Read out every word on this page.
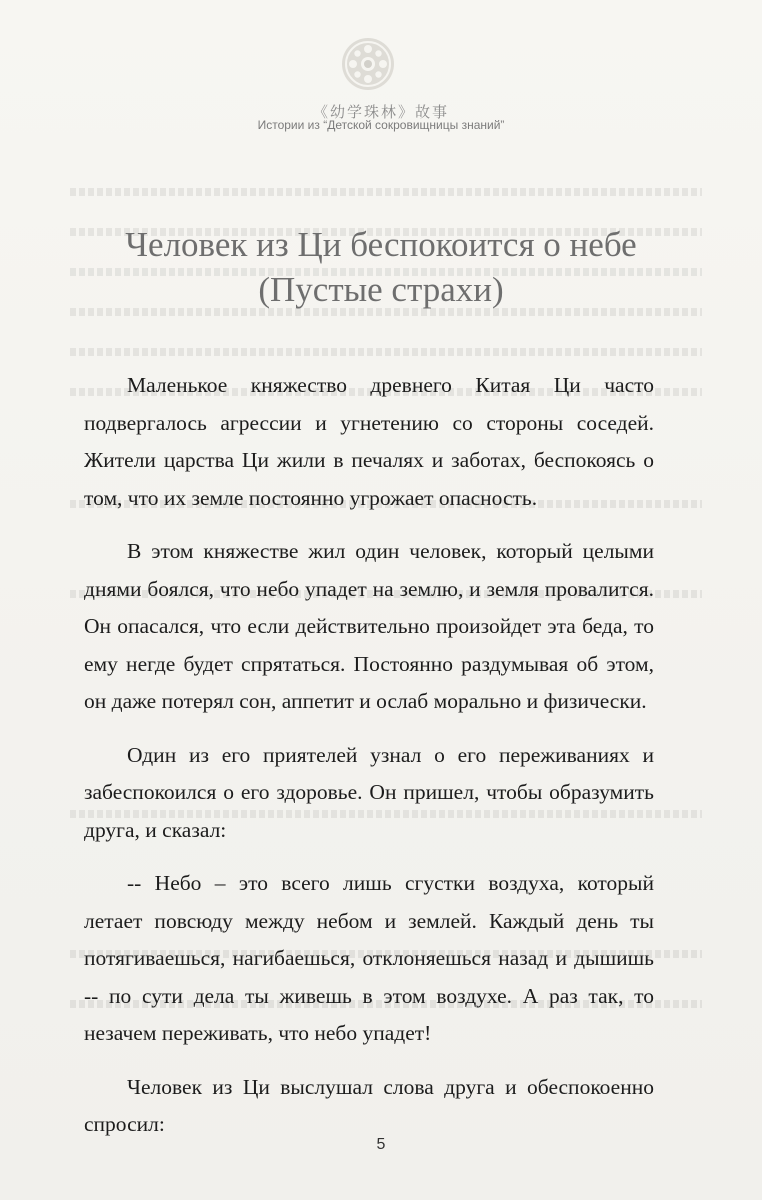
《幼学珠林》故事
Истории из “Детской сокровищницы знаний”
Человек из Ци беспокоится о небе
(Пустые страхи)

Маленькое княжество древнего Китая Ци часто подвергалось агрессии и угнетению со стороны соседей. Жители царства Ци жили в печалях и заботах, беспокоясь о том, что их земле постоянно угрожает опасность.

В этом княжестве жил один человек, который целыми днями боялся, что небо упадет на землю, и земля провалится. Он опасался, что если действительно произойдет эта беда, то ему негде будет спрятаться. Постоянно раздумывая об этом, он даже потерял сон, аппетит и ослаб морально и физически.

Один из его приятелей узнал о его переживаниях и забеспокоился о его здоровье. Он пришел, чтобы образумить друга, и сказал:

-- Небо – это всего лишь сгустки воздуха, который летает повсюду между небом и землей. Каждый день ты потягиваешься, нагибаешься, отклоняешься назад и дышишь -- по сути дела ты живешь в этом воздухе. А раз так, то незачем переживать, что небо упадет!

Человек из Ци выслушал слова друга и обеспокоенно спросил:

5
